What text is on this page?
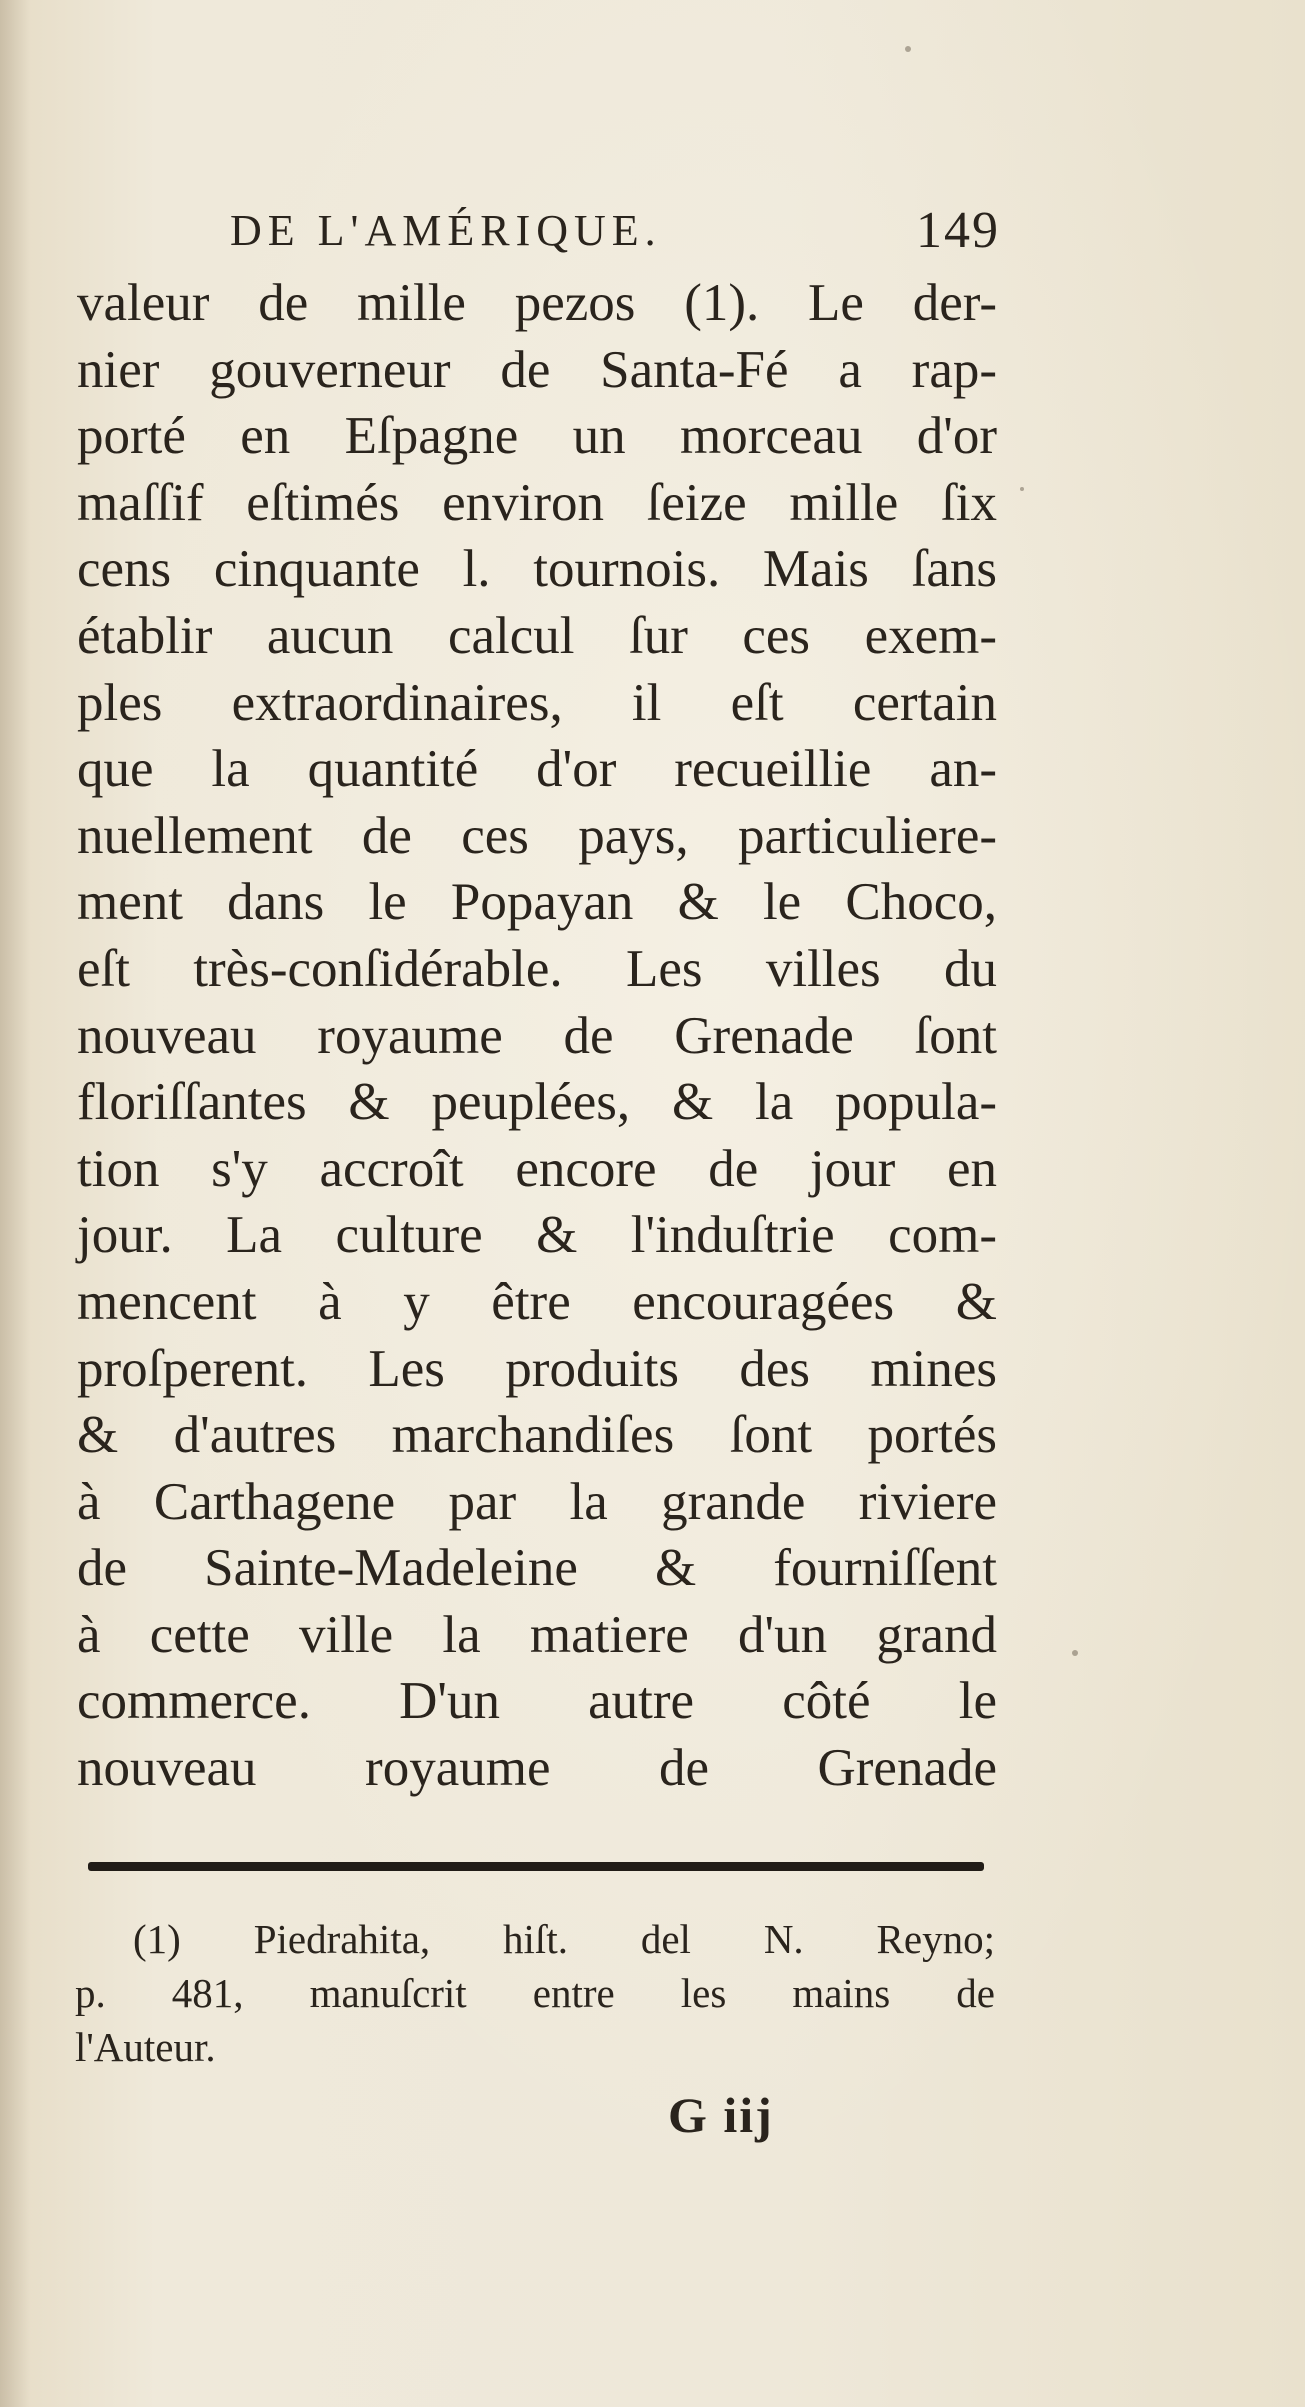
DE L'AMÉRIQUE.	149
valeur de mille pezos (1). Le der-
nier gouverneur de Santa-Fé a rap-
porté en Eſpagne un morceau d'or
maſſif eſtimés environ ſeize mille ſix
cens cinquante l. tournois. Mais ſans
établir aucun calcul ſur ces exem-
ples extraordinaires, il eſt certain
que la quantité d'or recueillie an-
nuellement de ces pays, particuliere-
ment dans le Popayan & le Choco,
eſt très-conſidérable. Les villes du
nouveau royaume de Grenade ſont
floriſſantes & peuplées, & la popula-
tion s'y accroît encore de jour en
jour. La culture & l'induſtrie com-
mencent à y être encouragées &
proſperent. Les produits des mines
& d'autres marchandiſes ſont portés
à Carthagene par la grande riviere
de Sainte-Madeleine & fourniſſent
à cette ville la matiere d'un grand
commerce. D'un autre côté le
nouveau royaume de Grenade
(1) Piedrahita, hiſt. del N. Reyno;
p. 481, manuſcrit entre les mains de
l'Auteur.
G iij
